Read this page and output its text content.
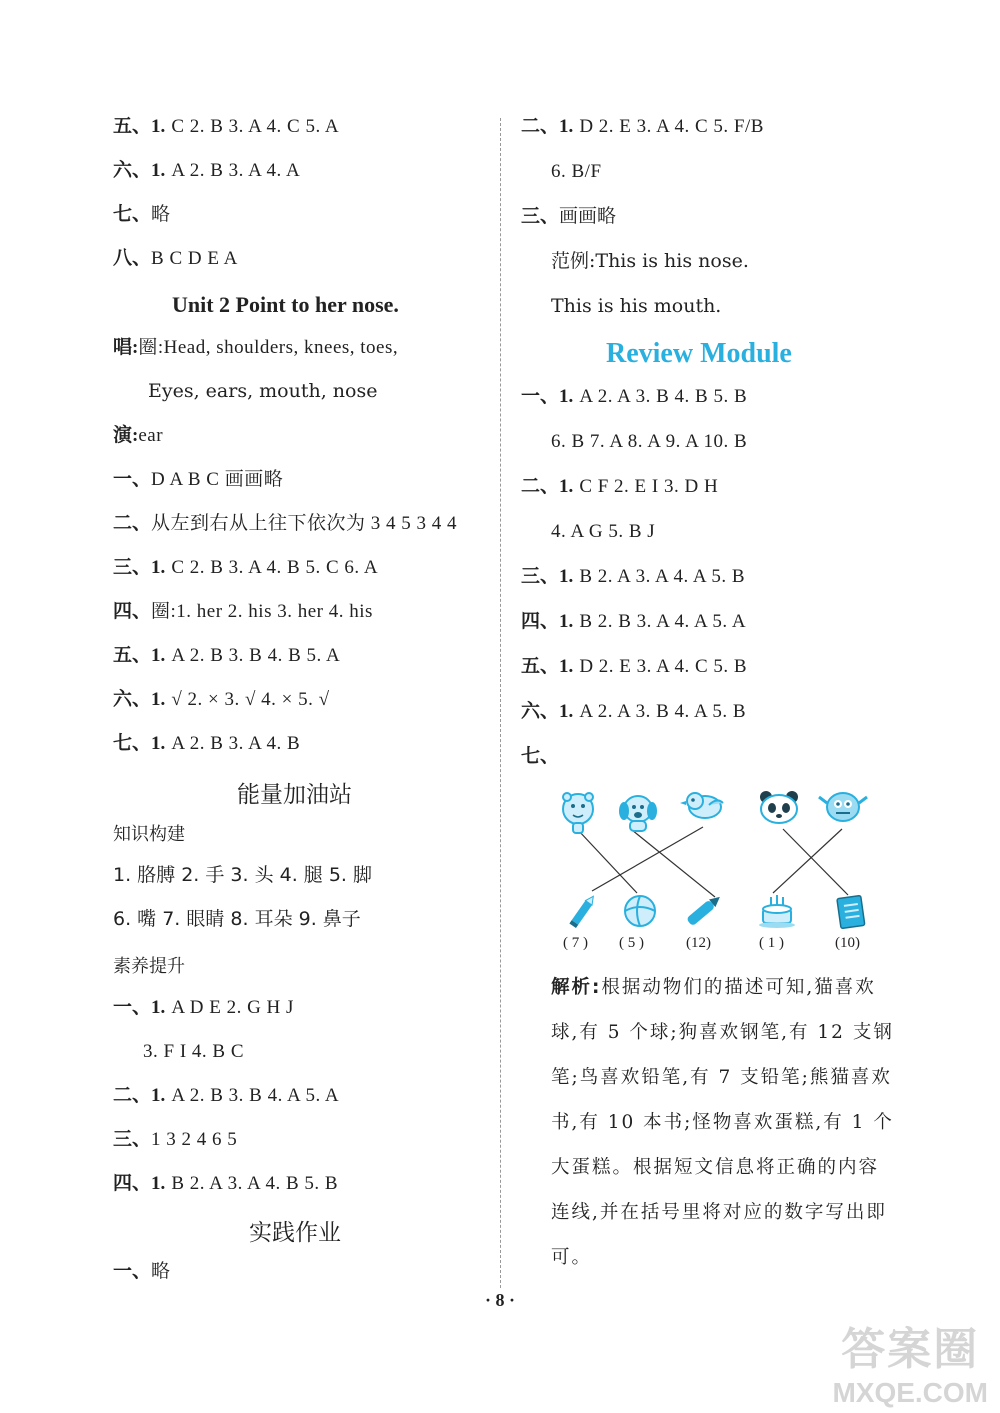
五、1. C 2. B 3. A 4. C 5. A
六、1. A 2. B 3. A 4. A
七、略
八、B C D E A
Unit 2 Point to her nose.
唱:圈:Head, shoulders, knees, toes,
Eyes, ears, mouth, nose
演:ear
一、D A B C 画画略
二、从左到右从上往下依次为 3 4 5 3 4 4
三、1. C 2. B 3. A 4. B 5. C 6. A
四、圈:1. her 2. his 3. her 4. his
五、1. A 2. B 3. B 4. B 5. A
六、1. √ 2. × 3. √ 4. × 5. √
七、1. A 2. B 3. A 4. B
能量加油站
知识构建
1. 胳膊 2. 手 3. 头 4. 腿 5. 脚
6. 嘴 7. 眼睛 8. 耳朵 9. 鼻子
素养提升
一、1. A D E 2. G H J
3. F I 4. B C
二、1. A 2. B 3. B 4. A 5. A
三、1 3 2 4 6 5
四、1. B 2. A 3. A 4. B 5. B
实践作业
一、略
二、1. D 2. E 3. A 4. C 5. F/B
6. B/F
三、画画略
范例:This is his nose.
This is his mouth.
Review Module
一、1. A 2. A 3. B 4. B 5. B
6. B 7. A 8. A 9. A 10. B
二、1. C F 2. E I 3. D H
4. A G 5. B J
三、1. B 2. A 3. A 4. A 5. B
四、1. B 2. B 3. A 4. A 5. A
五、1. D 2. E 3. A 4. C 5. B
六、1. A 2. A 3. B 4. A 5. B
七、
( 7 ) ( 5 )	(12)	( 1 )	(10)
解析:根据动物们的描述可知,猫喜欢球,有 5 个球;狗喜欢钢笔,有 12 支钢笔;鸟喜欢铅笔,有 7 支铅笔;熊猫喜欢书,有 10 本书;怪物喜欢蛋糕,有 1 个大蛋糕。根据短文信息将正确的内容连线,并在括号里将对应的数字写出即可。
· 8 ·
答案圈
MXQE.COM
